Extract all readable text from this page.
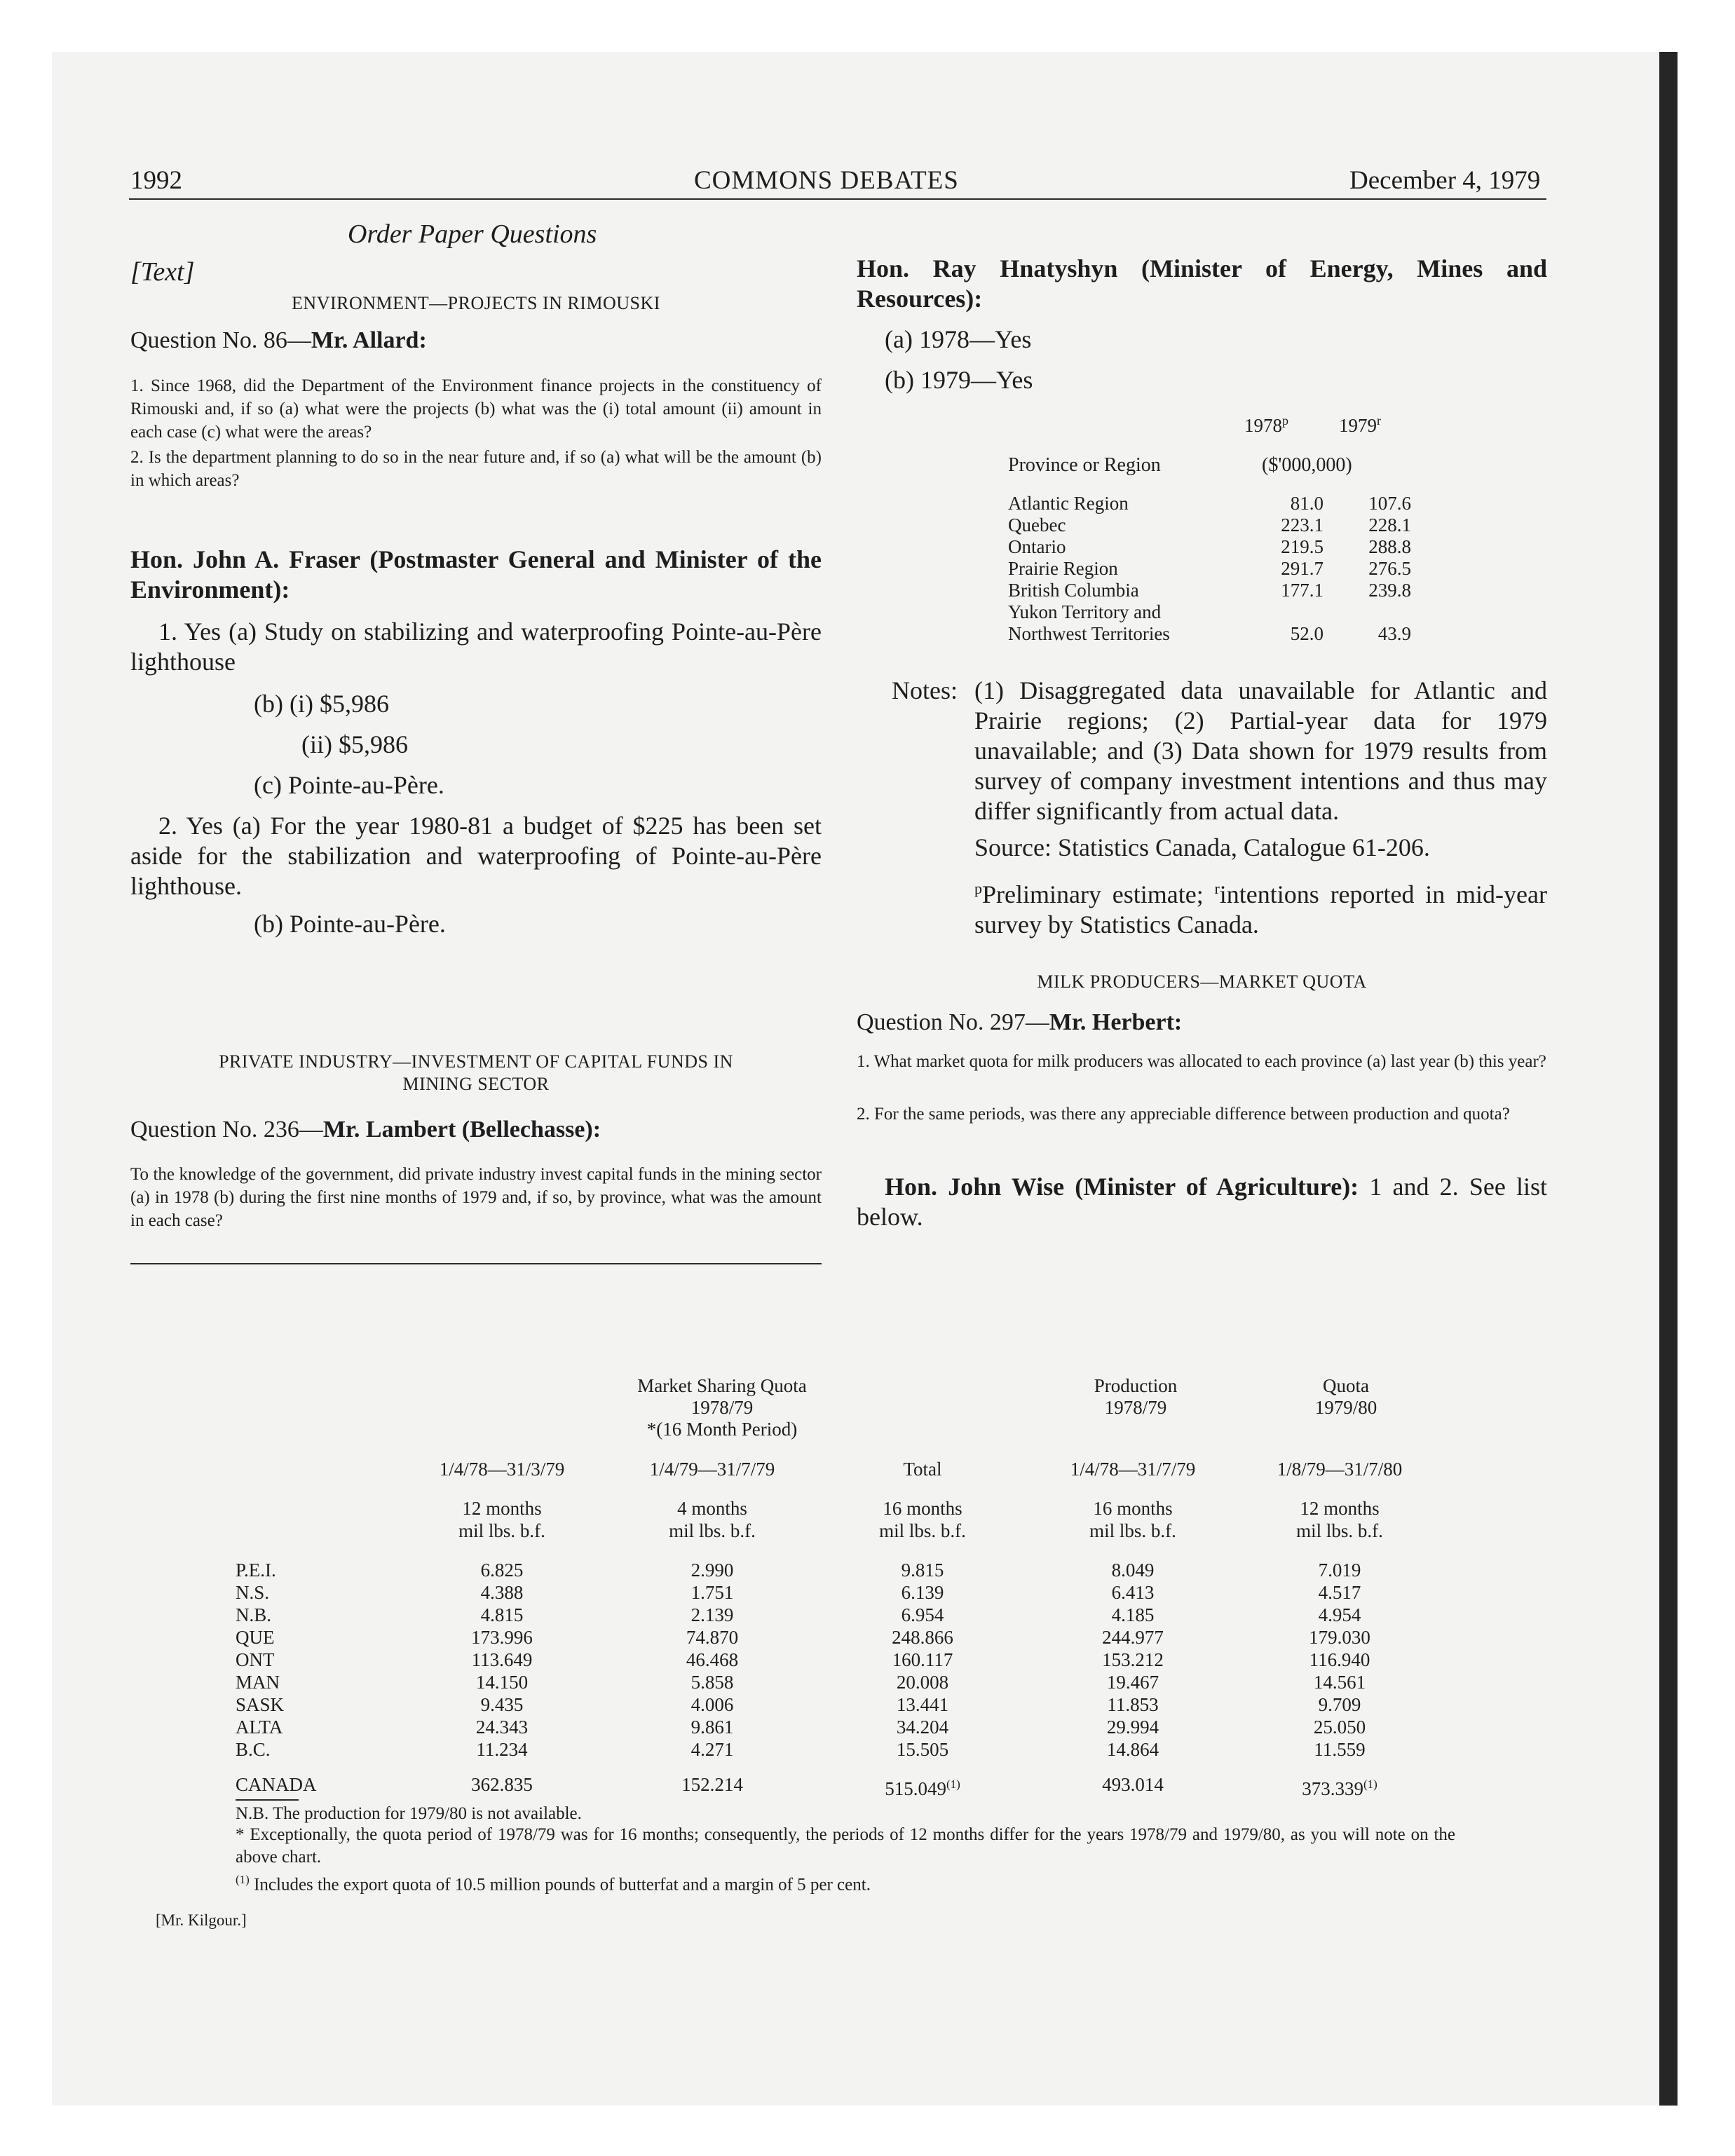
1992	COMMONS DEBATES	December 4, 1979
Order Paper Questions
[Text]
ENVIRONMENT—PROJECTS IN RIMOUSKI
Question No. 86—Mr. Allard:
1. Since 1968, did the Department of the Environment finance projects in the constituency of Rimouski and, if so (a) what were the projects (b) what was the (i) total amount (ii) amount in each case (c) what were the areas?
2. Is the department planning to do so in the near future and, if so (a) what will be the amount (b) in which areas?
Hon. John A. Fraser (Postmaster General and Minister of the Environment):
1. Yes (a) Study on stabilizing and waterproofing Pointe-au-Père lighthouse
(b) (i) $5,986
(ii) $5,986
(c) Pointe-au-Père.
2. Yes (a) For the year 1980-81 a budget of $225 has been set aside for the stabilization and waterproofing of Pointe-au-Père lighthouse.
(b) Pointe-au-Père.
PRIVATE INDUSTRY—INVESTMENT OF CAPITAL FUNDS IN
MINING SECTOR
Question No. 236—Mr. Lambert (Bellechasse):
To the knowledge of the government, did private industry invest capital funds in the mining sector (a) in 1978 (b) during the first nine months of 1979 and, if so, by province, what was the amount in each case?
Hon. Ray Hnatyshyn (Minister of Energy, Mines and Resources):
(a) 1978—Yes
(b) 1979—Yes
1978$^p$	1979$^r$
Province or Region	($'000,000)
Atlantic Region	81.0	107.6
Quebec	223.1	228.1
Ontario	219.5	288.8
Prairie Region	291.7	276.5
British Columbia	177.1	239.8
Yukon Territory and		
Northwest Territories	52.0	43.9
Notes: (1) Disaggregated data unavailable for Atlantic and Prairie regions; (2) Partial-year data for 1979 unavailable; and (3) Data shown for 1979 results from survey of company investment intentions and thus may differ significantly from actual data.
Source: Statistics Canada, Catalogue 61-206.
$^p$Preliminary estimate; $^r$intentions reported in mid-year survey by Statistics Canada.
MILK PRODUCERS—MARKET QUOTA
Question No. 297—Mr. Herbert:
1. What market quota for milk producers was allocated to each province (a) last year (b) this year?
2. For the same periods, was there any appreciable difference between production and quota?
Hon. John Wise (Minister of Agriculture): 1 and 2. See list below.
Market Sharing Quota
1978/79
*(16 Month Period)
Production
1978/79
Quota
1979/80
	1/4/78—31/3/79	1/4/79—31/7/79	Total	1/4/78—31/7/79	1/8/79—31/7/80
	12 months	4 months	16 months	16 months	12 months
	mil lbs. b.f.	mil lbs. b.f.	mil lbs. b.f.	mil lbs. b.f.	mil lbs. b.f.
P.E.I.	6.825	2.990	9.815	8.049	7.019
N.S.	4.388	1.751	6.139	6.413	4.517
N.B.	4.815	2.139	6.954	4.185	4.954
QUE	173.996	74.870	248.866	244.977	179.030
ONT	113.649	46.468	160.117	153.212	116.940
MAN	14.150	5.858	20.008	19.467	14.561
SASK	9.435	4.006	13.441	11.853	9.709
ALTA	24.343	9.861	34.204	29.994	25.050
B.C.	11.234	4.271	15.505	14.864	11.559
CANADA	362.835	152.214	515.049$^{(1)}$	493.014	373.339$^{(1)}$
N.B. The production for 1979/80 is not available.
* Exceptionally, the quota period of 1978/79 was for 16 months; consequently, the periods of 12 months differ for the years 1978/79 and 1979/80, as you will note on the above chart.
$^{(1)}$ Includes the export quota of 10.5 million pounds of butterfat and a margin of 5 per cent.
[Mr. Kilgour.]
